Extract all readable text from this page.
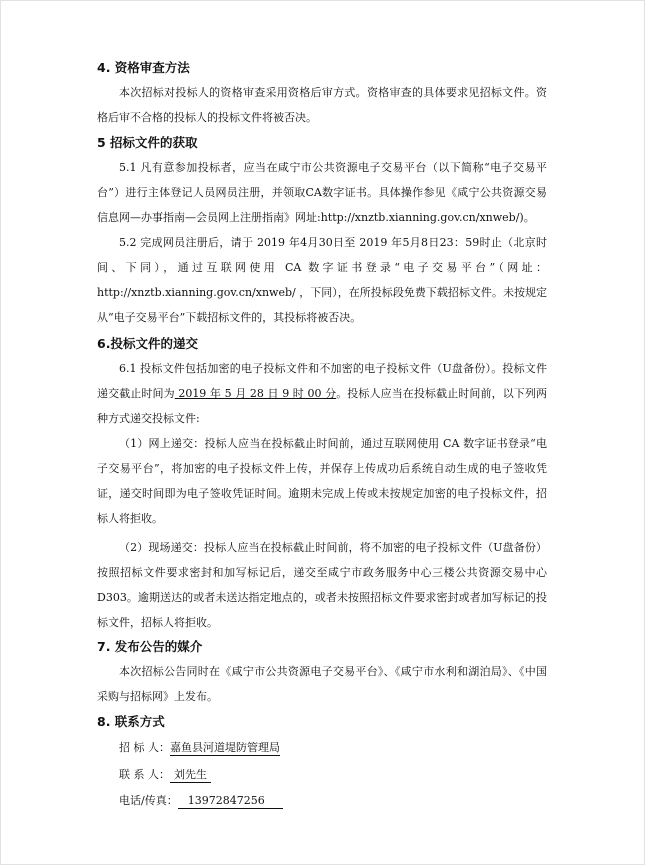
4. 资格审查方法
本次招标对投标人的资格审查采用资格后审方式。资格审查的具体要求见招标文件。资格后审不合格的投标人的投标文件将被否决。
5 招标文件的获取
5.1 凡有意参加投标者，应当在咸宁市公共资源电子交易平台（以下简称“电子交易平台”）进行主体登记人员网员注册，并领取CA数字证书。具体操作参见《咸宁公共资源交易信息网—办事指南—会员网上注册指南》网址:http://xnztb.xianning.gov.cn/xnweb/)。
5.2 完成网员注册后，请于 2019 年4月30日至 2019 年5月8日23：59时止（北京时间、下同），通过互联网使用 CA 数字证书登录“电子交易平台”（网址：http://xnztb.xianning.gov.cn/xnweb/ ，下同），在所投标段免费下载招标文件。未按规定从“电子交易平台”下载招标文件的，其投标将被否决。
6.投标文件的递交
6.1 投标文件包括加密的电子投标文件和不加密的电子投标文件（U盘备份）。投标文件递交截止时间为 2019 年 5 月 28 日 9 时 00 分。投标人应当在投标截止时间前，以下列两种方式递交投标文件:
（1）网上递交：投标人应当在投标截止时间前，通过互联网使用 CA 数字证书登录“电子交易平台”，将加密的电子投标文件上传，并保存上传成功后系统自动生成的电子签收凭证，递交时间即为电子签收凭证时间。逾期未完成上传或未按规定加密的电子投标文件，招标人将拒收。
（2）现场递交：投标人应当在投标截止时间前，将不加密的电子投标文件（U盘备份）按照招标文件要求密封和加写标记后，递交至咸宁市政务服务中心三楼公共资源交易中心D303。逾期送达的或者未送达指定地点的，或者未按照招标文件要求密封或者加写标记的投标文件，招标人将拒收。
7. 发布公告的媒介
本次招标公告同时在《咸宁市公共资源电子交易平台》、《咸宁市水利和湖泊局》、《中国采购与招标网》上发布。
8. 联系方式
招 标 人：嘉鱼县河道堤防管理局
联 系 人： 刘先生
电话/传真： 13972847256
